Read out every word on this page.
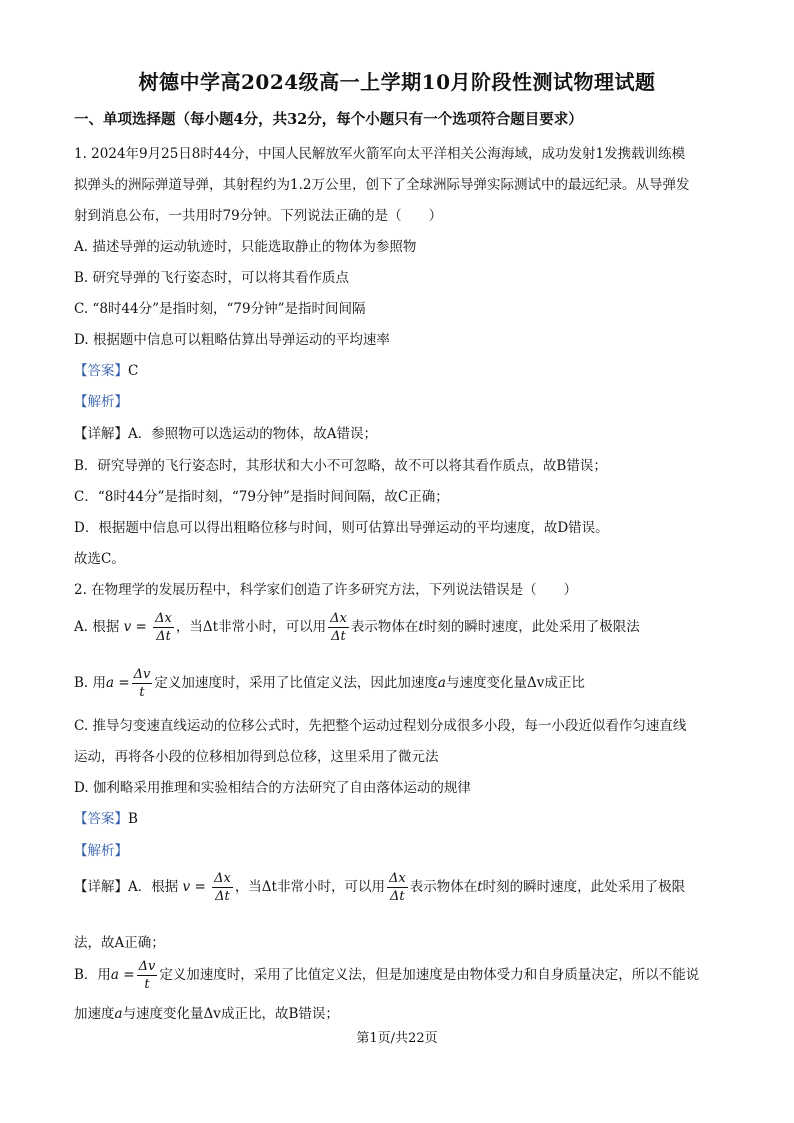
树德中学高2024级高一上学期10月阶段性测试物理试题
一、单项选择题（每小题4分，共32分，每个小题只有一个选项符合题目要求）
1. 2024年9月25日8时44分，中国人民解放军火箭军向太平洋相关公海海域，成功发射1发携载训练模
拟弹头的洲际弹道导弹，其射程约为1.2万公里，创下了全球洲际导弹实际测试中的最远纪录。从导弹发
射到消息公布，一共用时79分钟。下列说法正确的是（　　）
A. 描述导弹的运动轨迹时，只能选取静止的物体为参照物
B. 研究导弹的飞行姿态时，可以将其看作质点
C. “8时44分”是指时刻，“79分钟”是指时间间隔
D. 根据题中信息可以粗略估算出导弹运动的平均速率
【答案】C
【解析】
【详解】A．参照物可以选运动的物体，故A错误；
B．研究导弹的飞行姿态时，其形状和大小不可忽略，故不可以将其看作质点，故B错误；
C．“8时44分”是指时刻，“79分钟”是指时间间隔，故C正确；
D．根据题中信息可以得出粗略位移与时间，则可估算出导弹运动的平均速度，故D错误。
故选C。
2. 在物理学的发展历程中，科学家们创造了许多研究方法，下列说法错误是（　　）
A. 根据 $v = \frac{\Delta x}{\Delta t}$ ，当Δt非常小时，可以用 $\frac{\Delta x}{\Delta t}$ 表示物体在t时刻的瞬时速度，此处采用了极限法
B. 用$a = \frac{\Delta v}{t}$ 定义加速度时，采用了比值定义法，因此加速度a与速度变化量Δv成正比
C. 推导匀变速直线运动的位移公式时，先把整个运动过程划分成很多小段，每一小段近似看作匀速直线
运动，再将各小段的位移相加得到总位移，这里采用了微元法
D. 伽利略采用推理和实验相结合的方法研究了自由落体运动的规律
【答案】B
【解析】
【详解】A．根据 $v = \frac{\Delta x}{\Delta t}$ ，当Δt非常小时，可以用 $\frac{\Delta x}{\Delta t}$ 表示物体在t时刻的瞬时速度，此处采用了极限
法，故A正确；
B．用$a = \frac{\Delta v}{t}$ 定义加速度时，采用了比值定义法，但是加速度是由物体受力和自身质量决定，所以不能说
加速度a与速度变化量Δv成正比，故B错误；
第1页/共22页
